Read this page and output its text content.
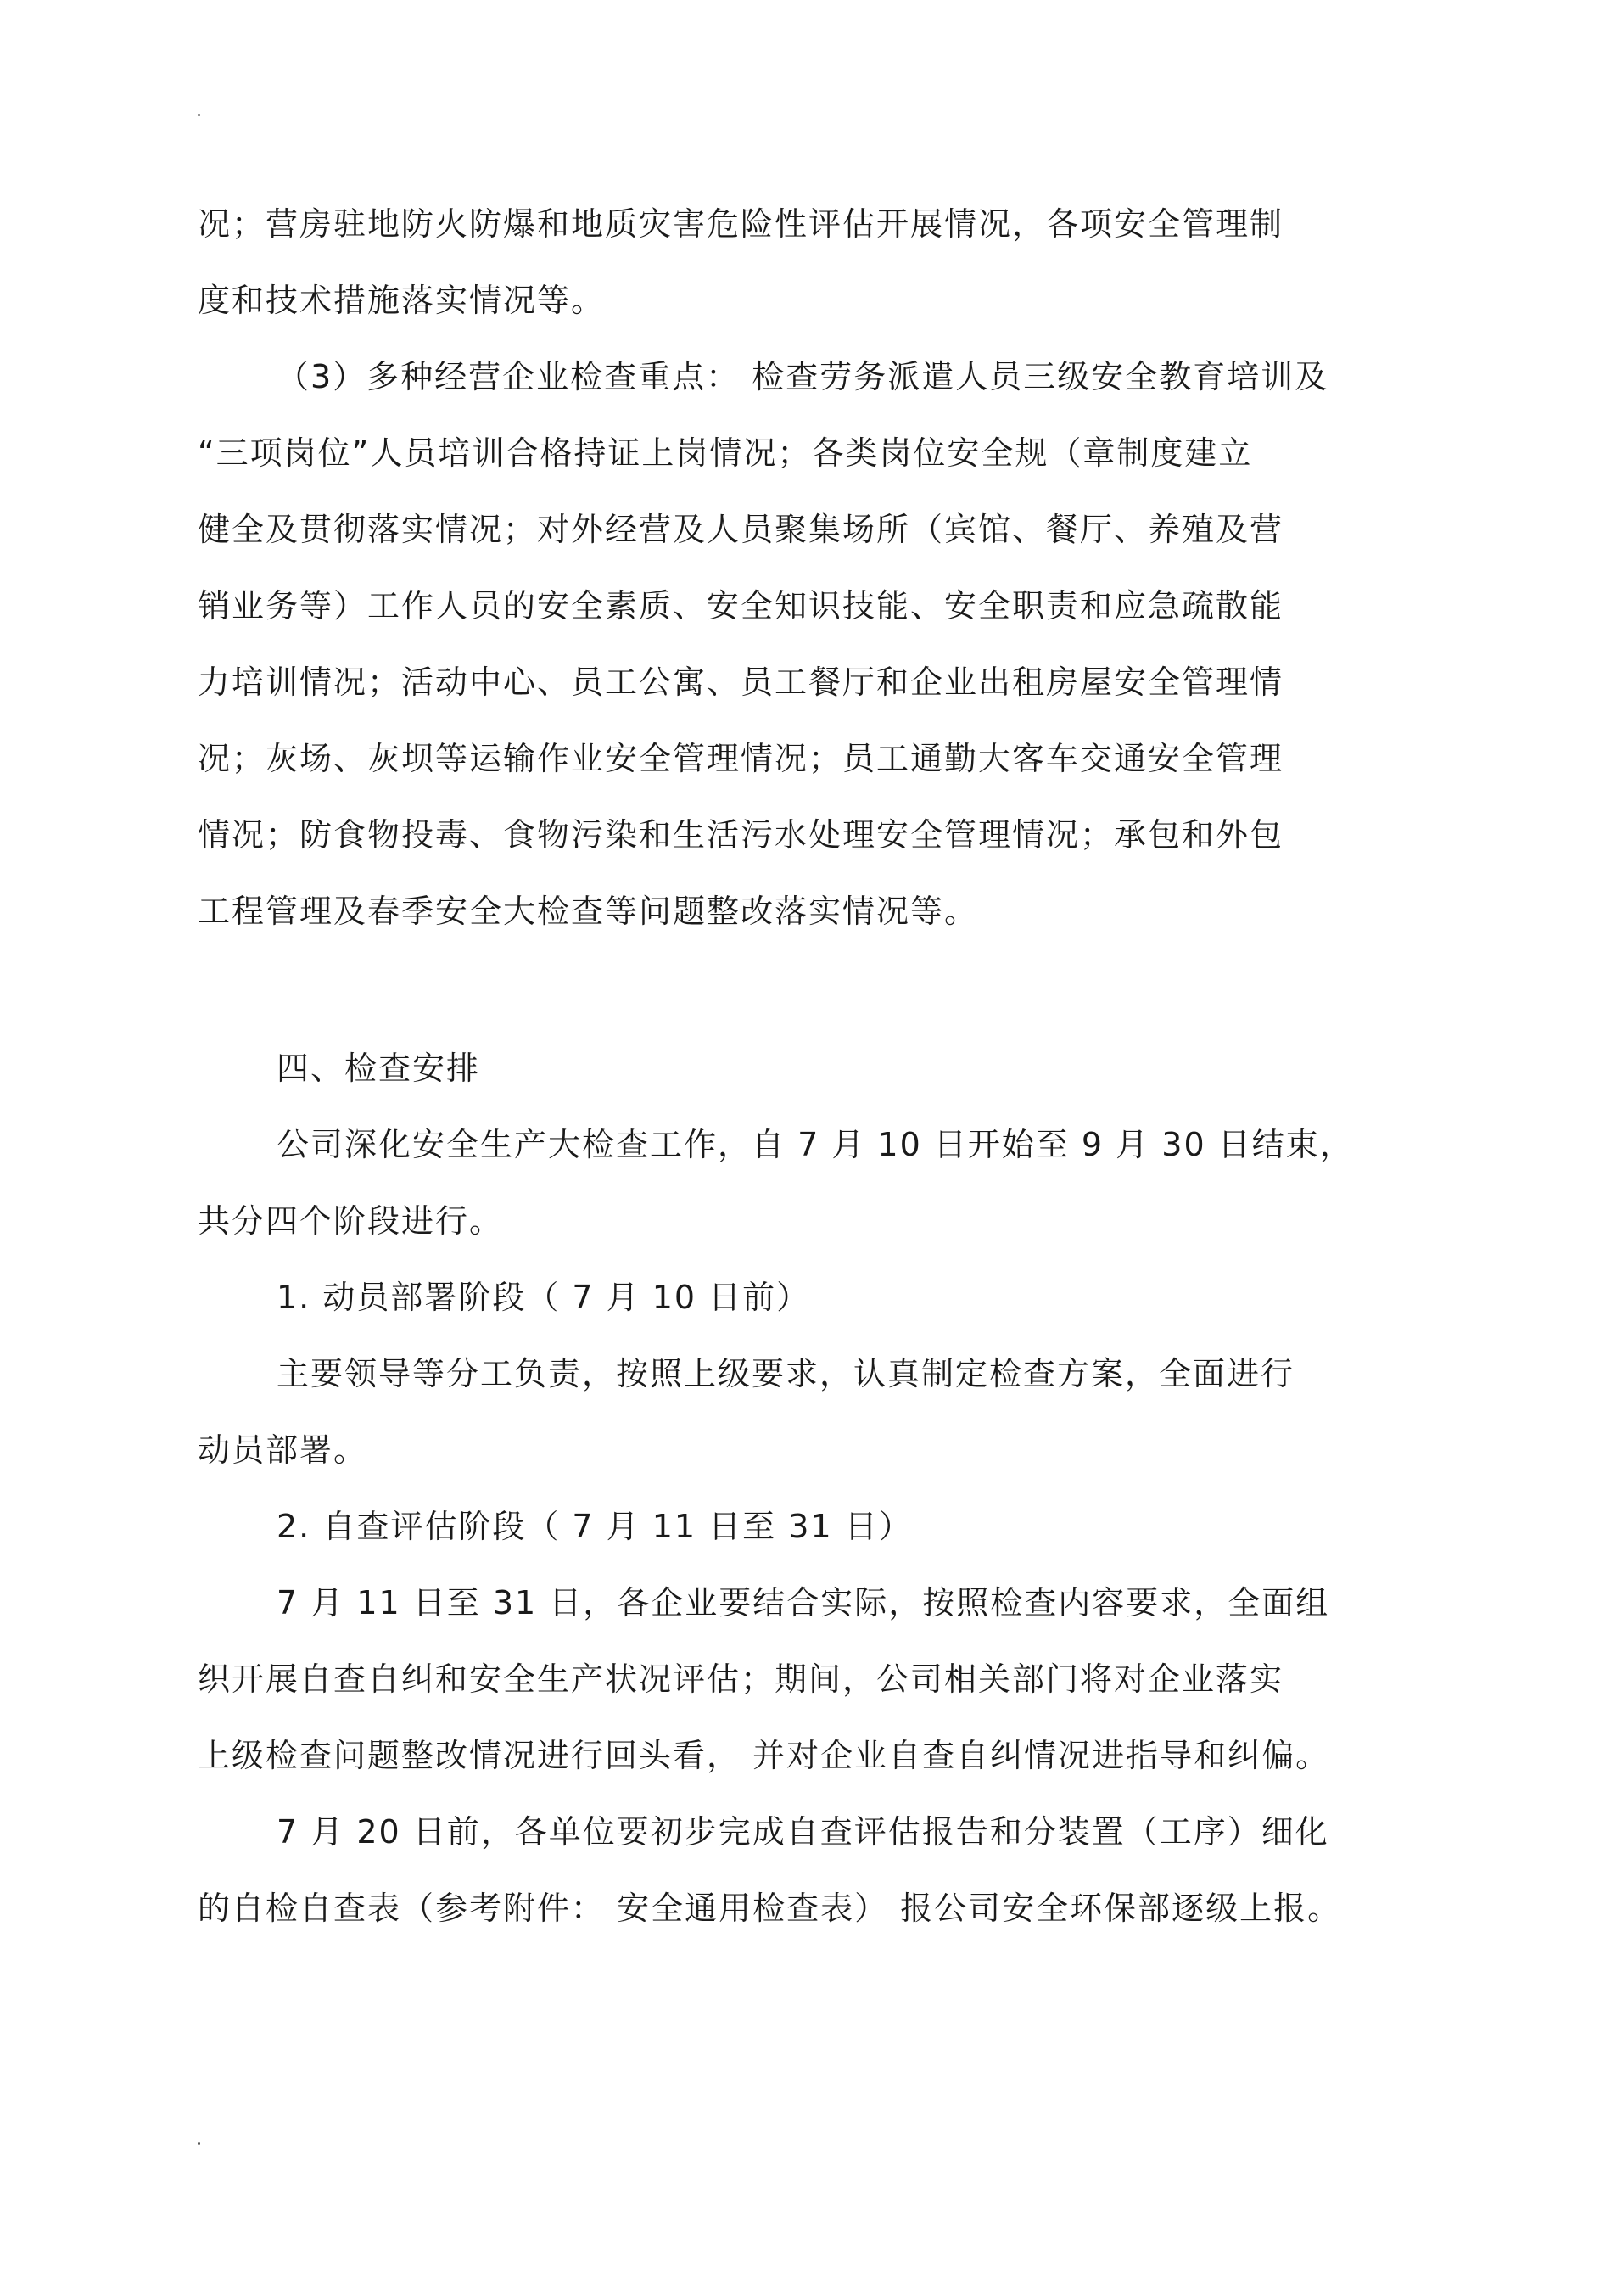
况；营房驻地防火防爆和地质灾害危险性评估开展情况，各项安全管理制
度和技术措施落实情况等。
（3）多种经营企业检查重点： 检查劳务派遣人员三级安全教育培训及
“三项岗位”人员培训合格持证上岗情况；各类岗位安全规（章制度建立
健全及贯彻落实情况；对外经营及人员聚集场所（宾馆、餐厅、养殖及营
销业务等）工作人员的安全素质、安全知识技能、安全职责和应急疏散能
力培训情况；活动中心、员工公寓、员工餐厅和企业出租房屋安全管理情
况；灰场、灰坝等运输作业安全管理情况；员工通勤大客车交通安全管理
情况；防食物投毒、食物污染和生活污水处理安全管理情况；承包和外包
工程管理及春季安全大检查等问题整改落实情况等。
四、检查安排
公司深化安全生产大检查工作，自 7 月 10 日开始至 9 月 30 日结束，
共分四个阶段进行。
1. 动员部署阶段（ 7 月 10 日前）
主要领导等分工负责，按照上级要求，认真制定检查方案，全面进行
动员部署。
2. 自查评估阶段（ 7 月 11 日至 31 日）
7 月 11 日至 31 日，各企业要结合实际，按照检查内容要求，全面组
织开展自查自纠和安全生产状况评估；期间，公司相关部门将对企业落实
上级检查问题整改情况进行回头看， 并对企业自查自纠情况进指导和纠偏。
7 月 20 日前，各单位要初步完成自查评估报告和分装置（工序）细化
的自检自查表（参考附件： 安全通用检查表） 报公司安全环保部逐级上报。
